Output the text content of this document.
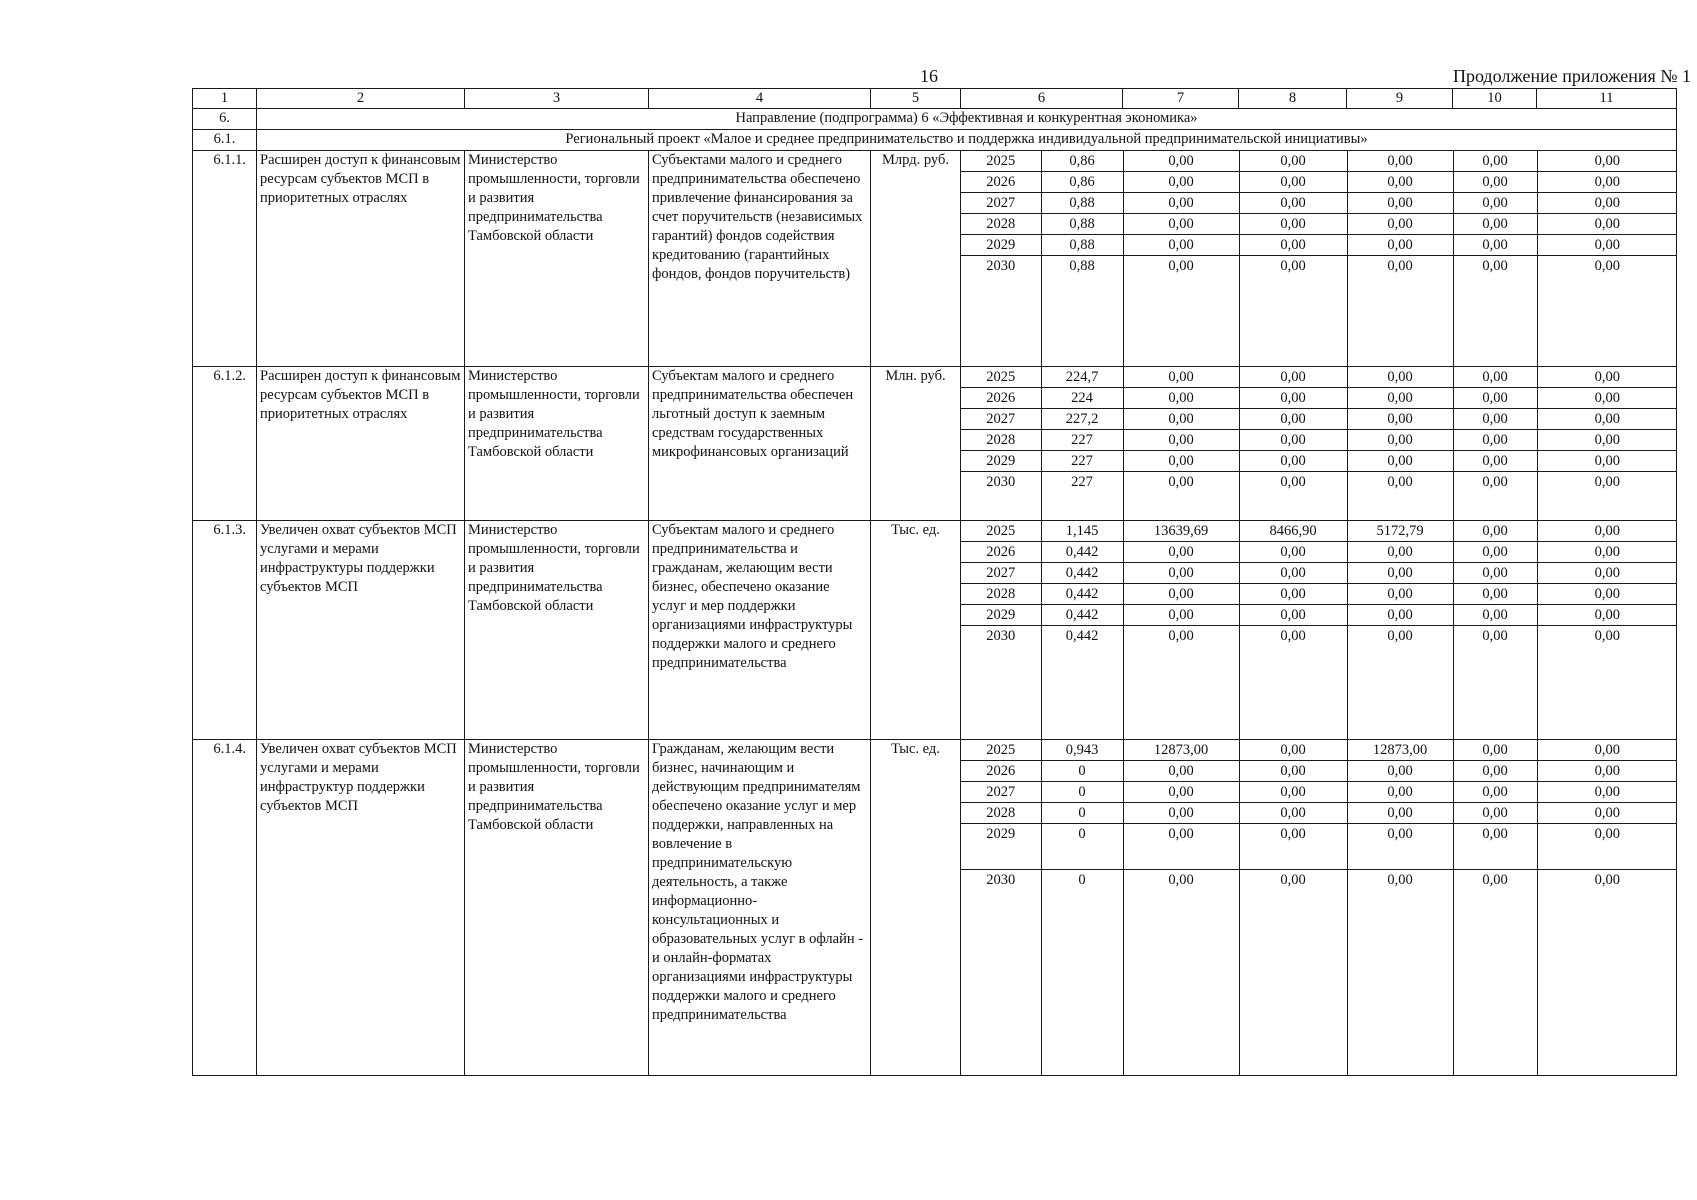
16	Продолжение приложения № 1
1	2	3	4	5	6	7	8	9	10	11
6.	Направление (подпрограмма) 6 «Эффективная и конкурентная экономика»
6.1.	Региональный проект «Малое и среднее предпринимательство и поддержка индивидуальной предпринимательской инициативы»
6.1.1.	Расширен доступ к финансовым ресурсам субъектов МСП в приоритетных отраслях	Министерство промышленности, торговли и развития предпринимательства Тамбовской области	Субъектами малого и среднего предпринимательства обеспечено привлечение финансирования за счет поручительств (независимых гарантий) фондов содействия кредитованию (гарантийных фондов, фондов поручительств)	Млрд. руб.		2025	0,86	0,00	0,00	0,00	0,00	0,00
2026	0,86	0,00	0,00	0,00	0,00	0,00
2027	0,88	0,00	0,00	0,00	0,00	0,00
2028	0,88	0,00	0,00	0,00	0,00	0,00
2029	0,88	0,00	0,00	0,00	0,00	0,00
2030	0,88	0,00	0,00	0,00	0,00	0,00

6.1.2.	Расширен доступ к финансовым ресурсам субъектов МСП в приоритетных отраслях	Министерство промышленности, торговли и развития предпринимательства Тамбовской области	Субъектам малого и среднего предпринимательства обеспечен льготный доступ к заемным средствам государственных микрофинансовых организаций	Млн. руб.		2025	224,7	0,00	0,00	0,00	0,00	0,00
2026	224	0,00	0,00	0,00	0,00	0,00
2027	227,2	0,00	0,00	0,00	0,00	0,00
2028	227	0,00	0,00	0,00	0,00	0,00
2029	227	0,00	0,00	0,00	0,00	0,00
2030	227	0,00	0,00	0,00	0,00	0,00

6.1.3.	Увеличен охват субъектов МСП услугами и мерами инфраструктуры поддержки субъектов МСП	Министерство промышленности, торговли и развития предпринимательства Тамбовской области	Субъектам малого и среднего предпринимательства и гражданам, желающим вести бизнес, обеспечено оказание услуг и мер поддержки организациями инфраструктуры поддержки малого и среднего предпринимательства	Тыс. ед.		2025	1,145	13639,69	8466,90	5172,79	0,00	0,00
2026	0,442	0,00	0,00	0,00	0,00	0,00
2027	0,442	0,00	0,00	0,00	0,00	0,00
2028	0,442	0,00	0,00	0,00	0,00	0,00
2029	0,442	0,00	0,00	0,00	0,00	0,00
2030	0,442	0,00	0,00	0,00	0,00	0,00

6.1.4.	Увеличен охват субъектов МСП услугами и мерами инфраструктур поддержки субъектов МСП	Министерство промышленности, торговли и развития предпринимательства Тамбовской области	Гражданам, желающим вести бизнес, начинающим и действующим предпринимателям обеспечено оказание услуг и мер поддержки, направленных на вовлечение в предпринимательскую деятельность, а также информационно-консультационных и образовательных услуг в офлайн - и онлайн-форматах организациями инфраструктуры поддержки малого и среднего предпринимательства	Тыс. ед.		2025	0,943	12873,00	0,00	12873,00	0,00	0,00
2026	0	0,00	0,00	0,00	0,00	0,00
2027	0	0,00	0,00	0,00	0,00	0,00
2028	0	0,00	0,00	0,00	0,00	0,00
2029	0	0,00	0,00	0,00	0,00	0,00
2030	0	0,00	0,00	0,00	0,00	0,00
